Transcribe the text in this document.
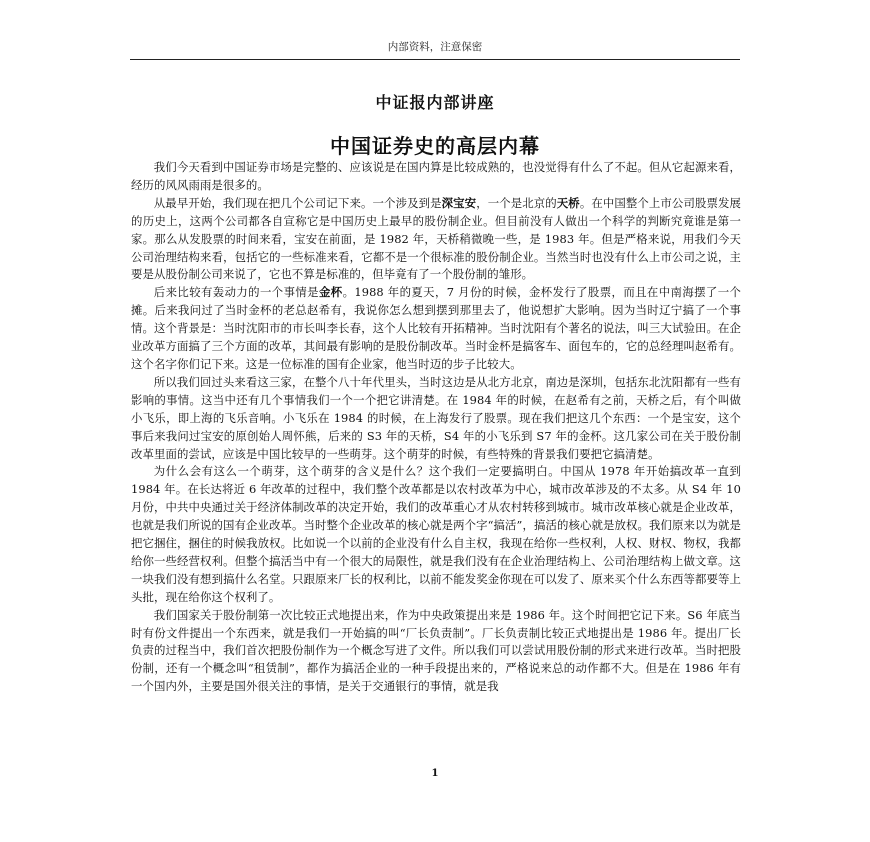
内部资料，注意保密
中证报内部讲座
中国证券史的高层内幕

我们今天看到中国证券市场是完整的、应该说是在国内算是比较成熟的，也没觉得有什么了不起。但从它起源来看，经历的风风雨雨是很多的。

从最早开始，我们现在把几个公司记下来。一个涉及到是深宝安，一个是北京的天桥。在中国整个上市公司股票发展的历史上，这两个公司都各自宣称它是中国历史上最早的股份制企业。但目前没有人做出一个科学的判断究竟谁是第一家。那么从发股票的时间来看，宝安在前面，是 1982 年，天桥稍微晚一些，是 1983 年。但是严格来说，用我们今天公司治理结构来看，包括它的一些标准来看，它都不是一个很标准的股份制企业。当然当时也没有什么上市公司之说，主要是从股份制公司来说了，它也不算是标准的，但毕竟有了一个股份制的雏形。

后来比较有轰动力的一个事情是金杯。1988 年的夏天，7 月份的时候，金杯发行了股票，而且在中南海摆了一个摊。后来我问过了当时金杯的老总赵希有，我说你怎么想到摆到那里去了，他说想扩大影响。因为当时辽宁搞了一个事情。这个背景是：当时沈阳市的市长叫李长春，这个人比较有开拓精神。当时沈阳有个著名的说法，叫三大试验田。在企业改革方面搞了三个方面的改革，其间最有影响的是股份制改革。当时金杯是搞客车、面包车的，它的总经理叫赵希有。这个名字你们记下来。这是一位标准的国有企业家，他当时迈的步子比较大。

所以我们回过头来看这三家，在整个八十年代里头，当时这边是从北方北京，南边是深圳，包括东北沈阳都有一些有影响的事情。这当中还有几个事情我们一个一个把它讲清楚。在 1984 年的时候，在赵希有之前，天桥之后，有个叫做小飞乐，即上海的飞乐音响。小飞乐在 1984 的时候，在上海发行了股票。现在我们把这几个东西：一个是宝安，这个事后来我问过宝安的原创始人周怀熊，后来的 S3 年的天桥，S4 年的小飞乐到 S7 年的金杯。这几家公司在关于股份制改革里面的尝试，应该是中国比较早的一些萌芽。这个萌芽的时候，有些特殊的背景我们要把它搞清楚。

为什么会有这么一个萌芽，这个萌芽的含义是什么？这个我们一定要搞明白。中国从 1978 年开始搞改革一直到 1984 年。在长达将近 6 年改革的过程中，我们整个改革都是以农村改革为中心，城市改革涉及的不太多。从 S4 年 10 月份，中共中央通过关于经济体制改革的决定开始，我们的改革重心才从农村转移到城市。城市改革核心就是企业改革，也就是我们所说的国有企业改革。当时整个企业改革的核心就是两个字“搞活”，搞活的核心就是放权。我们原来以为就是把它捆住，捆住的时候我放权。比如说一个以前的企业没有什么自主权，我现在给你一些权利，人权、财权、物权，我都给你一些经营权利。但整个搞活当中有一个很大的局限性，就是我们没有在企业治理结构上、公司治理结构上做文章。这一块我们没有想到搞什么名堂。只跟原来厂长的权利比，以前不能发奖金你现在可以发了、原来买个什么东西等都要等上头批，现在给你这个权利了。

我们国家关于股份制第一次比较正式地提出来，作为中央政策提出来是 1986 年。这个时间把它记下来。S6 年底当时有份文件提出一个东西来，就是我们一开始搞的叫“厂长负责制”。厂长负责制比较正式地提出是 1986 年。提出厂长负责的过程当中，我们首次把股份制作为一个概念写进了文件。所以我们可以尝试用股份制的形式来进行改革。当时把股份制，还有一个概念叫“租赁制”，都作为搞活企业的一种手段提出来的，严格说来总的动作都不大。但是在 1986 年有一个国内外，主要是国外很关注的事情，是关于交通银行的事情，就是我

1
